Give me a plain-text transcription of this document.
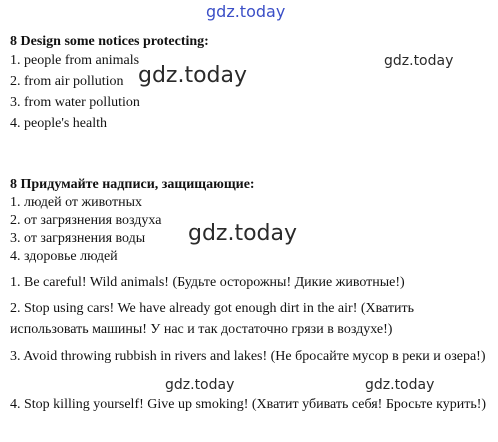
gdz.today
gdz.today
gdz.today
gdz.today
gdz.today	gdz.today
8 Design some notices protecting:
1. people from animals
2. from air pollution
3. from water pollution
4. people's health
8 Придумайте надписи, защищающие:
1. людей от животных
2. от загрязнения воздуха
3. от загрязнения воды
4. здоровье людей
1. Be careful! Wild animals! (Будьте осторожны! Дикие животные!)
2. Stop using cars! We have already got enough dirt in the air! (Хватить использовать машины! У нас и так достаточно грязи в воздухе!)
3. Avoid throwing rubbish in rivers and lakes! (Не бросайте мусор в реки и озера!)
4. Stop killing yourself! Give up smoking! (Хватит убивать себя! Бросьте курить!)
